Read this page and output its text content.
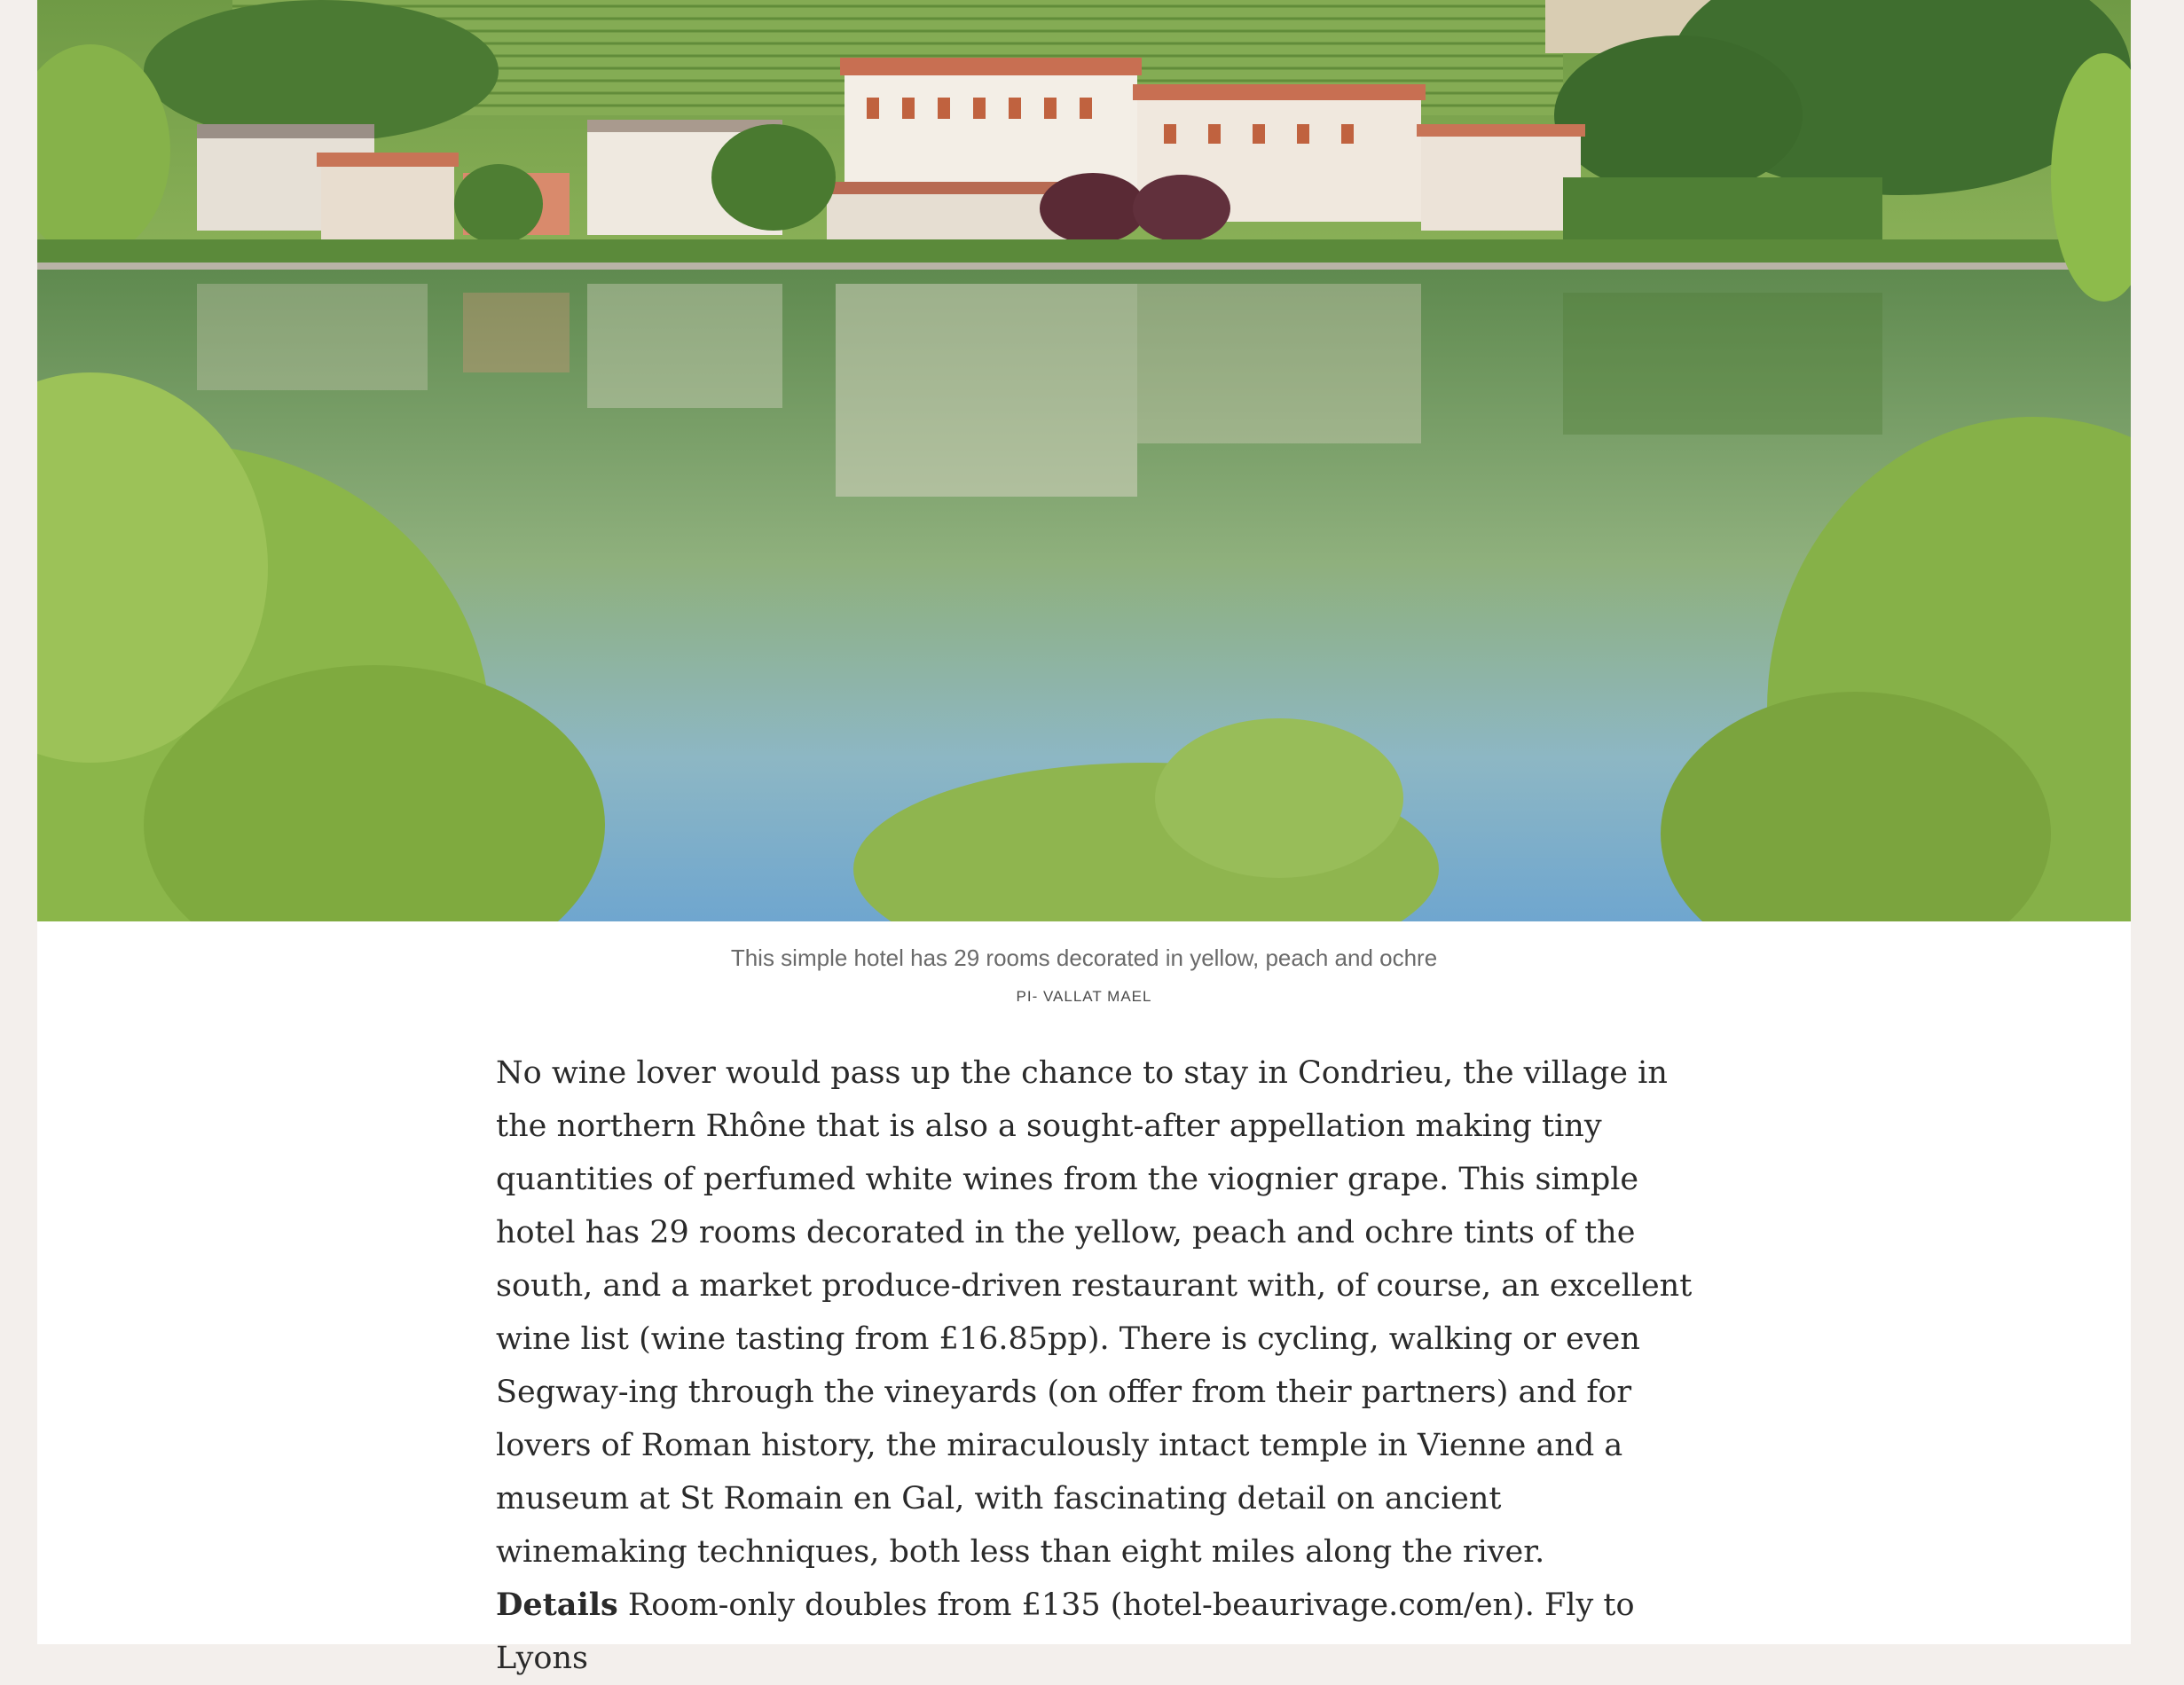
This simple hotel has 29 rooms decorated in yellow, peach and ochre
PI- VALLAT MAEL

No wine lover would pass up the chance to stay in Condrieu, the village in the northern Rhône that is also a sought-after appellation making tiny quantities of perfumed white wines from the viognier grape. This simple hotel has 29 rooms decorated in the yellow, peach and ochre tints of the south, and a market produce-driven restaurant with, of course, an excellent wine list (wine tasting from £16.85pp). There is cycling, walking or even Segway-ing through the vineyards (on offer from their partners) and for lovers of Roman history, the miraculously intact temple in Vienne and a museum at St Romain en Gal, with fascinating detail on ancient winemaking techniques, both less than eight miles along the river.

Details Room-only doubles from £135 (hotel-beaurivage.com/en). Fly to Lyons
